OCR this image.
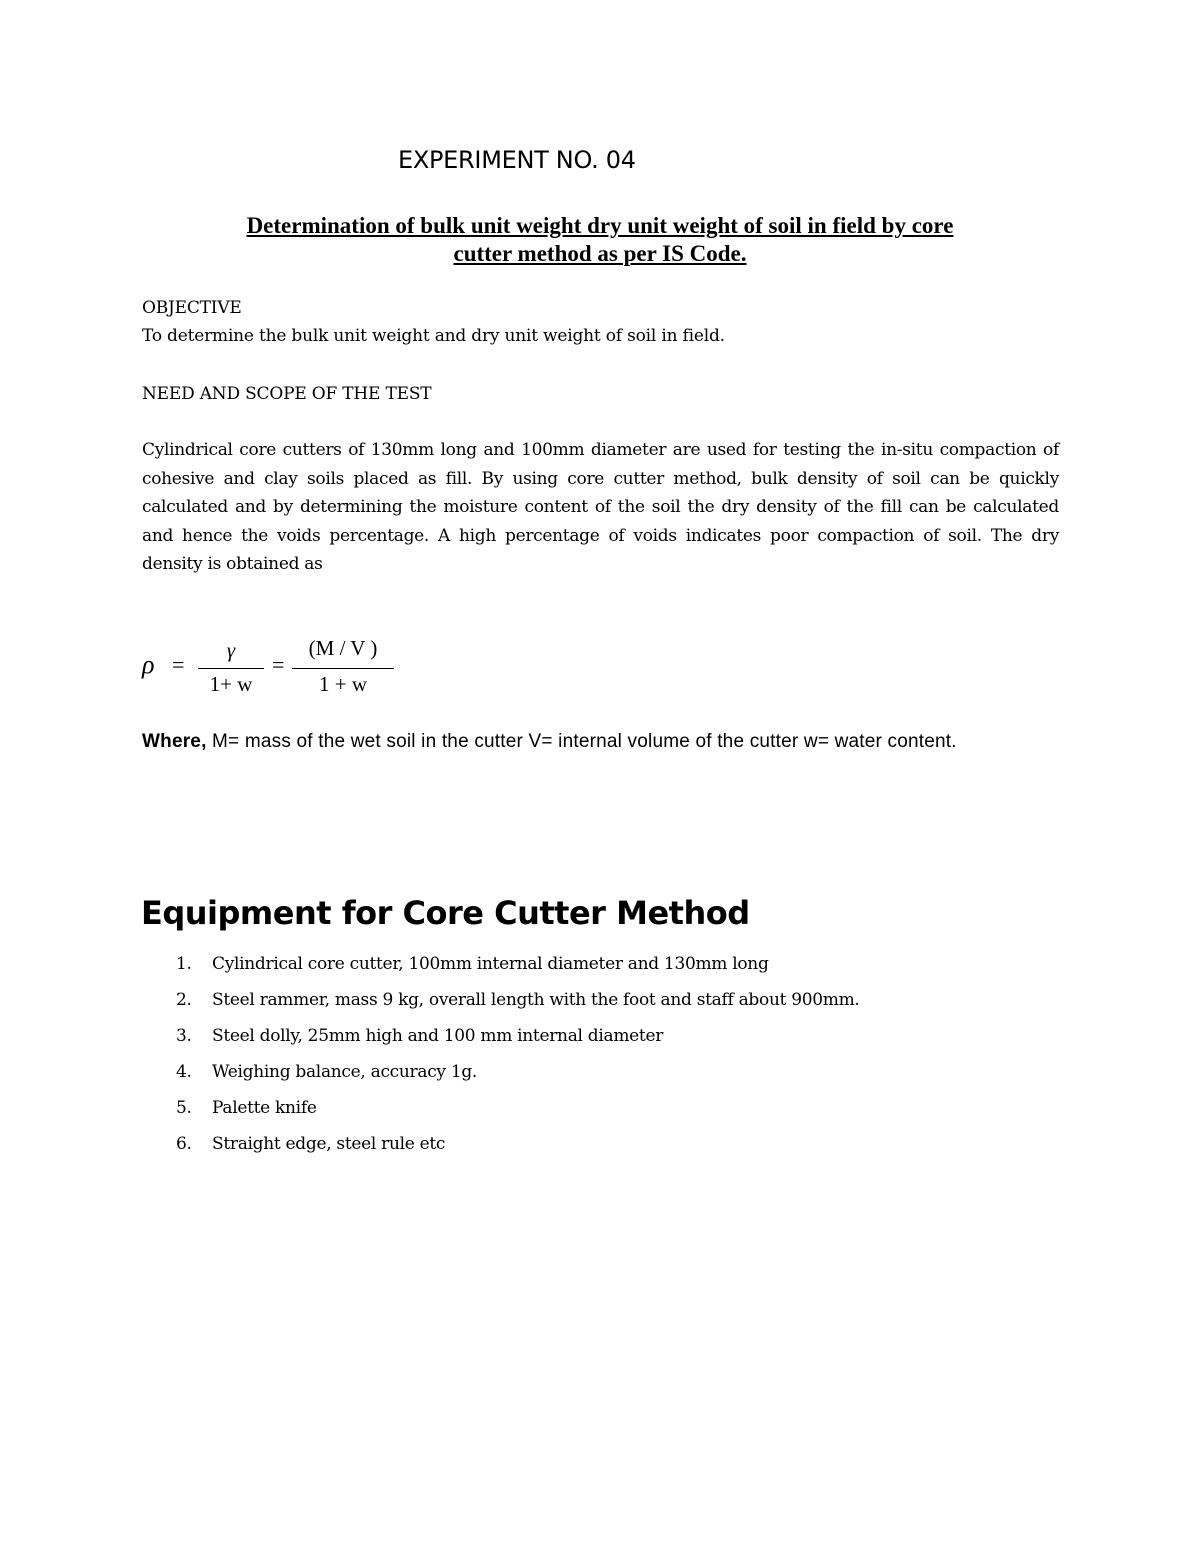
EXPERIMENT NO. 04
Determination of bulk unit weight dry unit weight of soil in field by core
cutter method as per IS Code.
OBJECTIVE
To determine the bulk unit weight and dry unit weight of soil in field.
NEED AND SCOPE OF THE TEST
Cylindrical core cutters of 130mm long and 100mm diameter are used for testing the in-situ compaction of cohesive and clay soils placed as fill. By using core cutter method, bulk density of soil can be quickly calculated and by determining the moisture content of the soil the dry density of the fill can be calculated and hence the voids percentage. A high percentage of voids indicates poor compaction of soil. The dry density is obtained as
ρ =
γ
1+ w
=
(M / V )
1 + w
Where, M= mass of the wet soil in the cutter V= internal volume of the cutter w= water content.
Equipment for Core Cutter Method
1. Cylindrical core cutter, 100mm internal diameter and 130mm long
2. Steel rammer, mass 9 kg, overall length with the foot and staff about 900mm.
3. Steel dolly, 25mm high and 100 mm internal diameter
4. Weighing balance, accuracy 1g.
5. Palette knife
6. Straight edge, steel rule etc
